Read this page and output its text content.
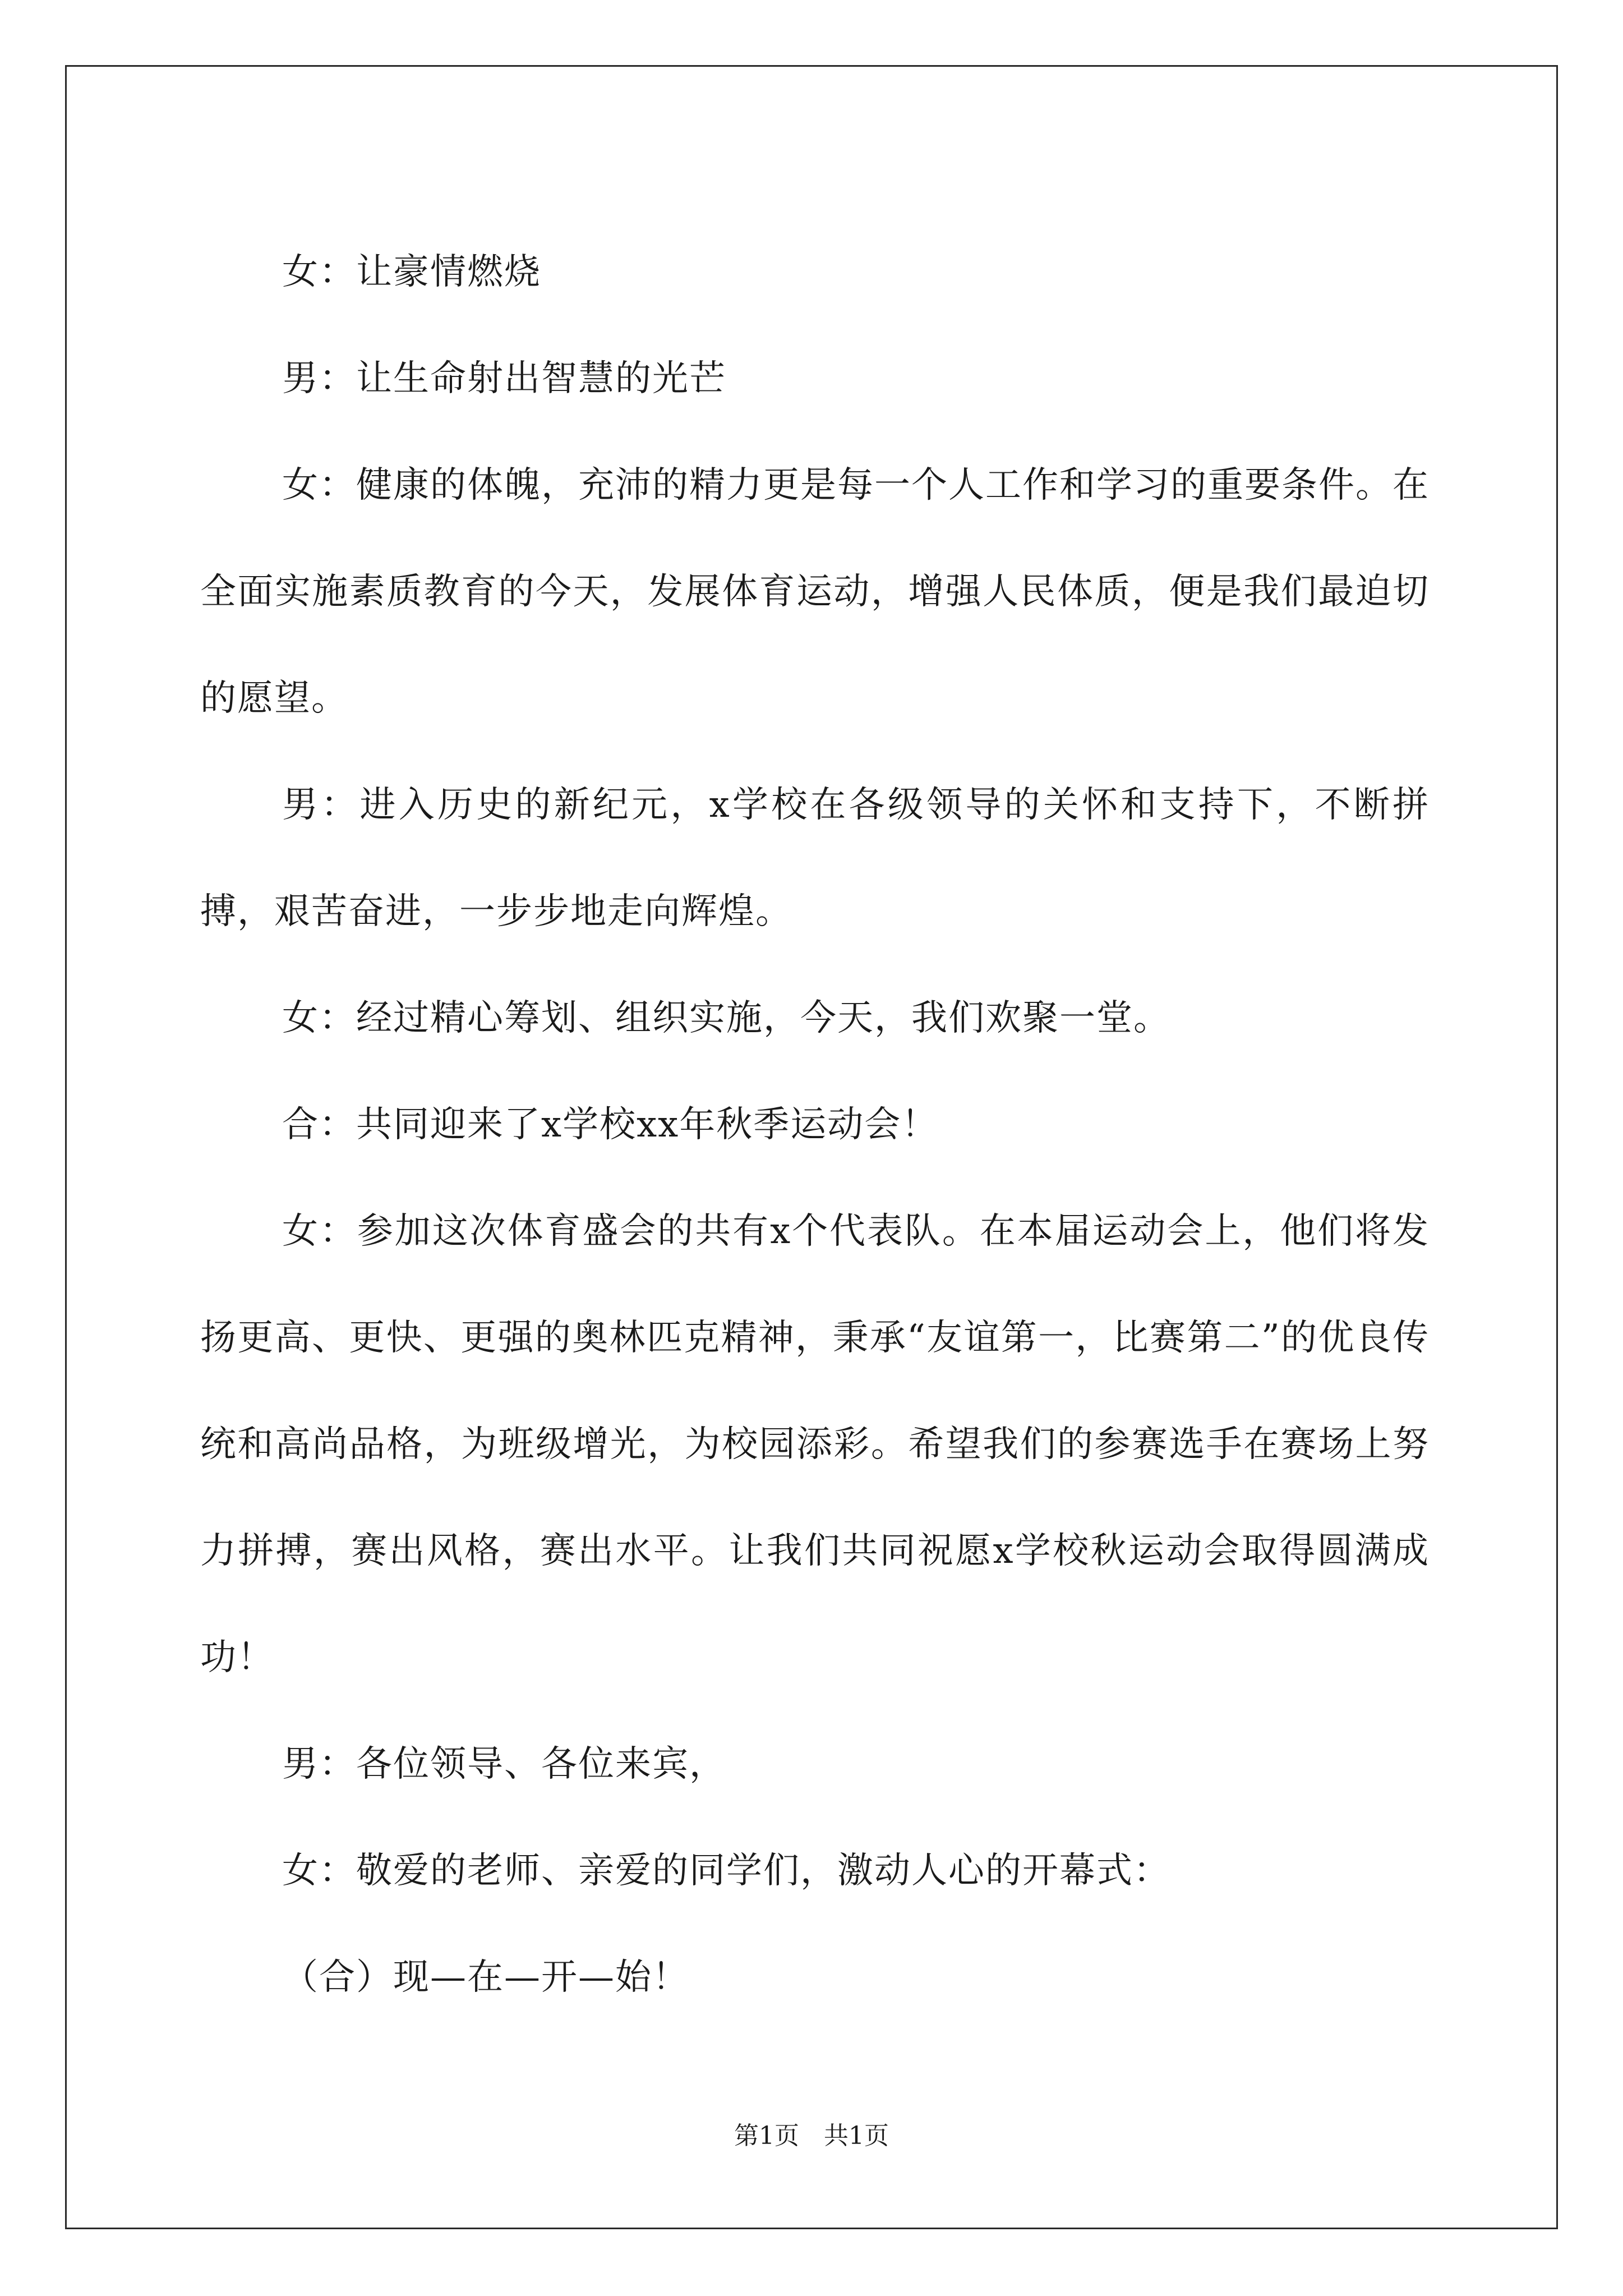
女：让豪情燃烧

男：让生命射出智慧的光芒

女：健康的体魄，充沛的精力更是每一个人工作和学习的重要条件。在全面实施素质教育的今天，发展体育运动，增强人民体质，便是我们最迫切的愿望。

男：进入历史的新纪元，x学校在各级领导的关怀和支持下，不断拼搏，艰苦奋进，一步步地走向辉煌。

女：经过精心筹划、组织实施，今天，我们欢聚一堂。

合：共同迎来了x学校xx年秋季运动会！

女：参加这次体育盛会的共有x个代表队。在本届运动会上，他们将发扬更高、更快、更强的奥林匹克精神，秉承“友谊第一，比赛第二”的优良传统和高尚品格，为班级增光，为校园添彩。希望我们的参赛选手在赛场上努力拼搏，赛出风格，赛出水平。让我们共同祝愿x学校秋运动会取得圆满成功！

男：各位领导、各位来宾，

女：敬爱的老师、亲爱的同学们，激动人心的开幕式：

（合）现—在—开—始！

第1页 共1页
